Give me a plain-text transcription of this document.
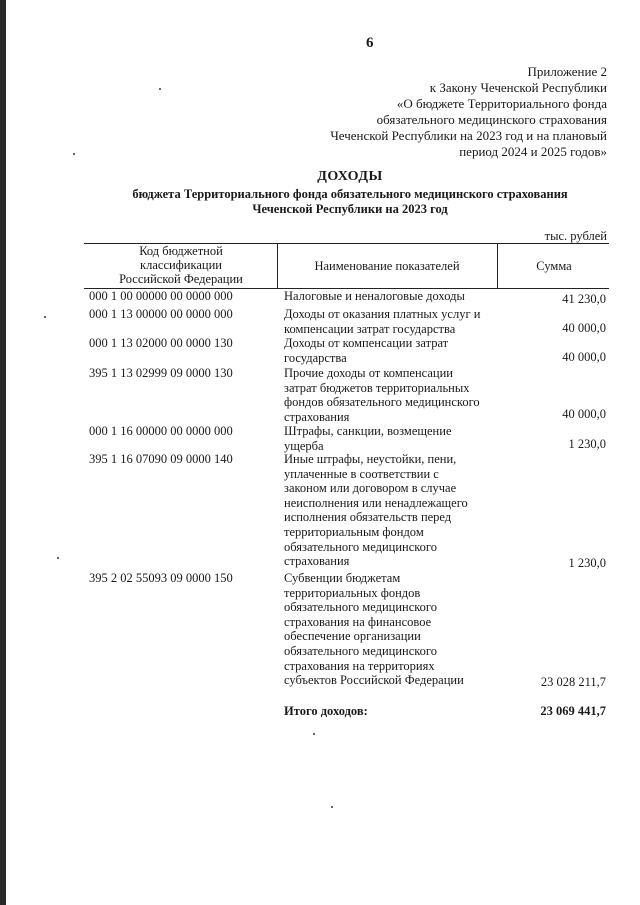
6
Приложение 2
к Закону Чеченской Республики
«О бюджете Территориального фонда
обязательного медицинского страхования
Чеченской Республики на 2023 год и на плановый
период 2024 и 2025 годов»
ДОХОДЫ
бюджета Территориального фонда обязательного медицинского страхования
Чеченской Республики на 2023 год
тыс. рублей
Код бюджетной
классификации
Российской Федерации
Наименование показателей	Сумма
000 1 00 00000 00 0000 000	Налоговые и неналоговые доходы	41 230,0
000 1 13 00000 00 0000 000	Доходы от оказания платных услуг и
компенсации затрат государства	40 000,0
000 1 13 02000 00 0000 130	Доходы от компенсации затрат
государства	40 000,0
395 1 13 02999 09 0000 130	Прочие доходы от компенсации
затрат бюджетов территориальных
фондов обязательного медицинского
страхования	40 000,0
000 1 16 00000 00 0000 000	Штрафы, санкции, возмещение
ущерба	1 230,0
395 1 16 07090 09 0000 140	Иные штрафы, неустойки, пени,
уплаченные в соответствии с
законом или договором в случае
неисполнения или ненадлежащего
исполнения обязательств перед
территориальным фондом
обязательного медицинского
страхования	1 230,0
395 2 02 55093 09 0000 150	Субвенции бюджетам
территориальных фондов
обязательного медицинского
страхования на финансовое
обеспечение организации
обязательного медицинского
страхования на территориях
субъектов Российской Федерации	23 028 211,7
Итого доходов:	23 069 441,7
